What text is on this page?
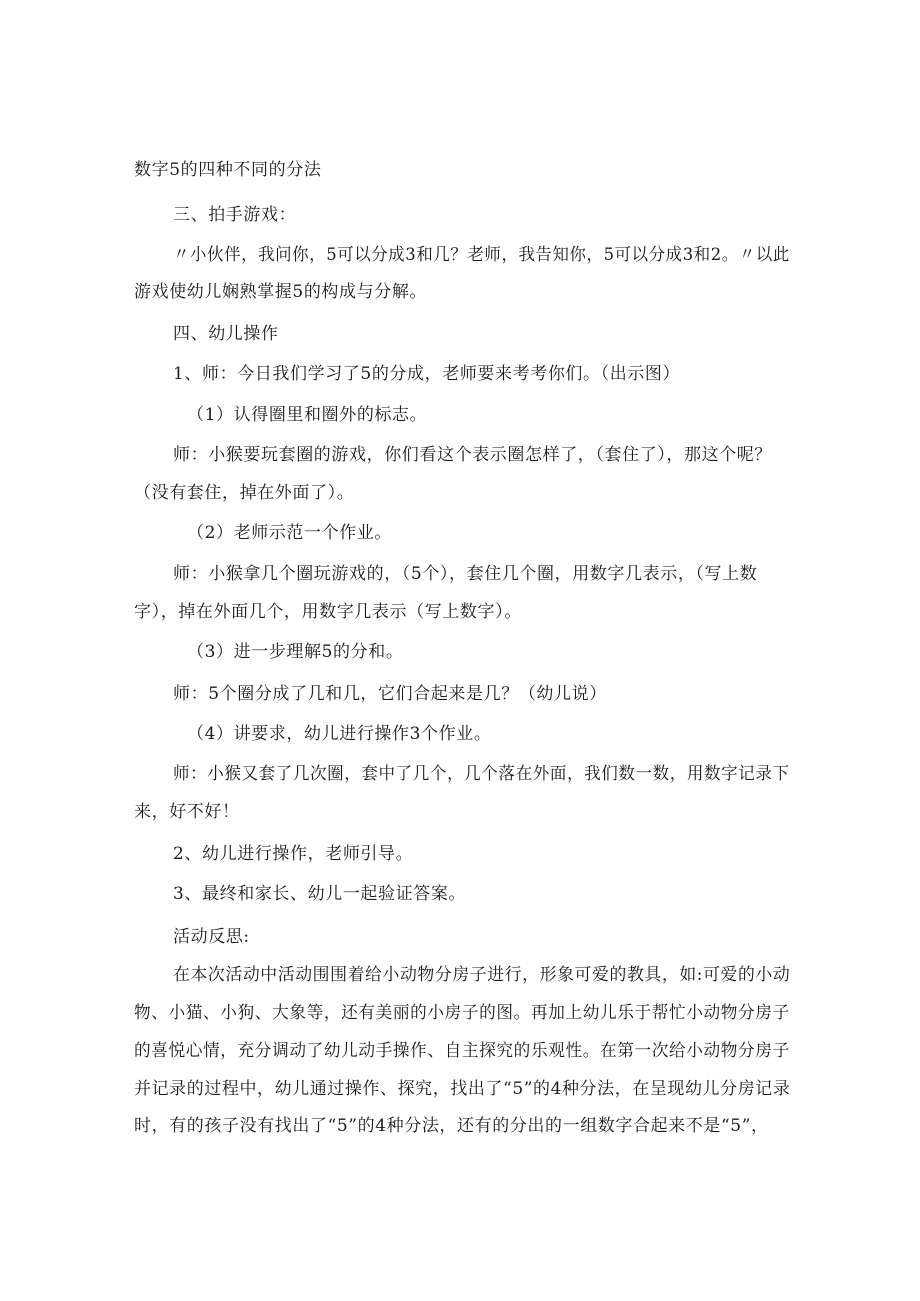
数字5的四种不同的分法
三、拍手游戏：
〃小伙伴，我问你，5可以分成3和几？老师，我告知你，5可以分成3和2。〃以此
游戏使幼儿娴熟掌握5的构成与分解。
四、幼儿操作
1、师：今日我们学习了5的分成，老师要来考考你们。（出示图）
（1）认得圈里和圈外的标志。
师：小猴要玩套圈的游戏，你们看这个表示圈怎样了，（套住了），那这个呢？
（没有套住，掉在外面了）。
（2）老师示范一个作业。
师：小猴拿几个圈玩游戏的，（5个），套住几个圈，用数字几表示，（写上数
字），掉在外面几个，用数字几表示（写上数字）。
（3）进一步理解5的分和。
师：5个圈分成了几和几，它们合起来是几？（幼儿说）
（4）讲要求，幼儿进行操作3个作业。
师：小猴又套了几次圈，套中了几个，几个落在外面，我们数一数，用数字记录下
来，好不好！
2、幼儿进行操作，老师引导。
3、最终和家长、幼儿一起验证答案。
活动反思:
在本次活动中活动围围着给小动物分房子进行，形象可爱的教具，如:可爱的小动
物、小猫、小狗、大象等，还有美丽的小房子的图。再加上幼儿乐于帮忙小动物分房子
的喜悦心情，充分调动了幼儿动手操作、自主探究的乐观性。在第一次给小动物分房子
并记录的过程中，幼儿通过操作、探究，找出了“5”的4种分法，在呈现幼儿分房记录
时，有的孩子没有找出了“5”的4种分法，还有的分出的一组数字合起来不是“5”，
